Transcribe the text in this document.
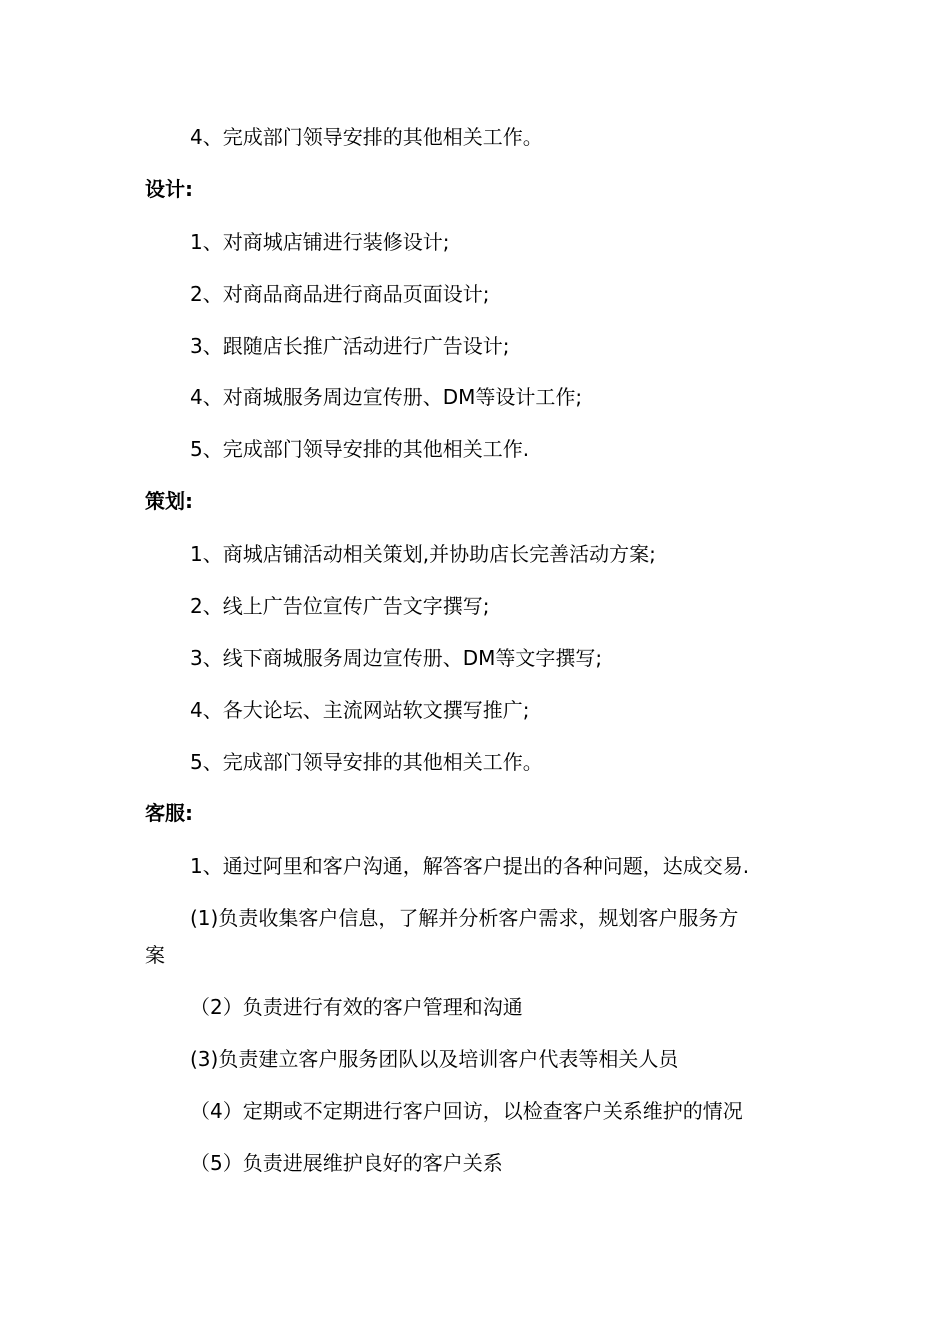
4、完成部门领导安排的其他相关工作。
设计:
1、对商城店铺进行装修设计;
2、对商品商品进行商品页面设计;
3、跟随店长推广活动进行广告设计;
4、对商城服务周边宣传册、DM等设计工作;
5、完成部门领导安排的其他相关工作.
策划:
1、商城店铺活动相关策划,并协助店长完善活动方案;
2、线上广告位宣传广告文字撰写;
3、线下商城服务周边宣传册、DM等文字撰写;
4、各大论坛、主流网站软文撰写推广;
5、完成部门领导安排的其他相关工作。
客服:
1、通过阿里和客户沟通，解答客户提出的各种问题，达成交易.
(1)负责收集客户信息，了解并分析客户需求，规划客户服务方
案
（2）负责进行有效的客户管理和沟通
(3)负责建立客户服务团队以及培训客户代表等相关人员
（4）定期或不定期进行客户回访，以检查客户关系维护的情况
（5）负责进展维护良好的客户关系
